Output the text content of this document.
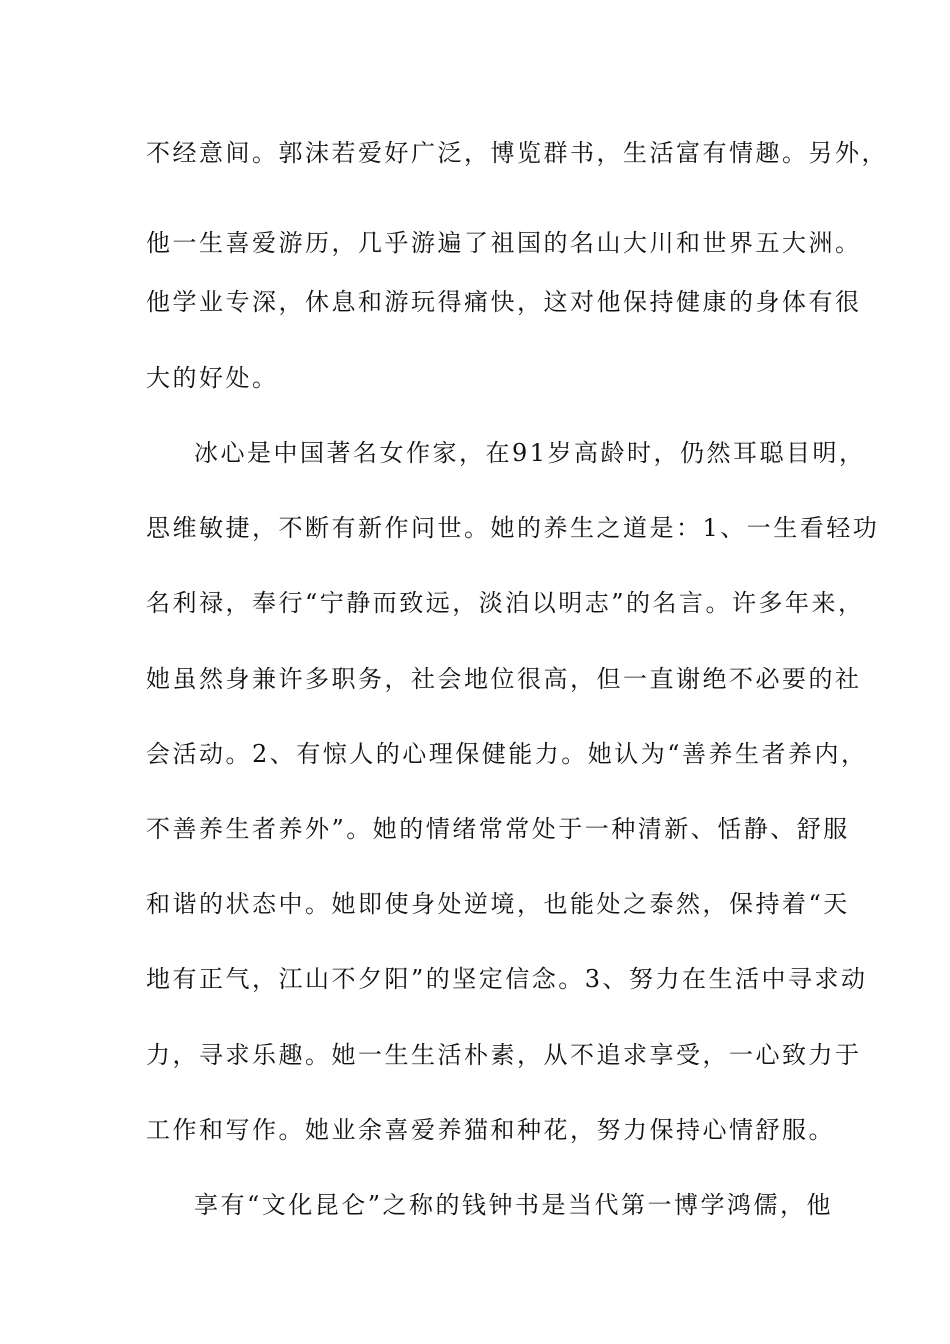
不经意间。郭沫若爱好广泛，博览群书，生活富有情趣。另外，
他一生喜爱游历，几乎游遍了祖国的名山大川和世界五大洲。
他学业专深，休息和游玩得痛快，这对他保持健康的身体有很
大的好处。
冰心是中国著名女作家，在91岁高龄时，仍然耳聪目明，
思维敏捷，不断有新作问世。她的养生之道是：1、一生看轻功
名利禄，奉行“宁静而致远，淡泊以明志”的名言。许多年来，
她虽然身兼许多职务，社会地位很高，但一直谢绝不必要的社
会活动。2、有惊人的心理保健能力。她认为“善养生者养内，
不善养生者养外”。她的情绪常常处于一种清新、恬静、舒服
和谐的状态中。她即使身处逆境，也能处之泰然，保持着“天
地有正气，江山不夕阳”的坚定信念。3、努力在生活中寻求动
力，寻求乐趣。她一生生活朴素，从不追求享受，一心致力于
工作和写作。她业余喜爱养猫和种花，努力保持心情舒服。
享有“文化昆仑”之称的钱钟书是当代第一博学鸿儒，他
